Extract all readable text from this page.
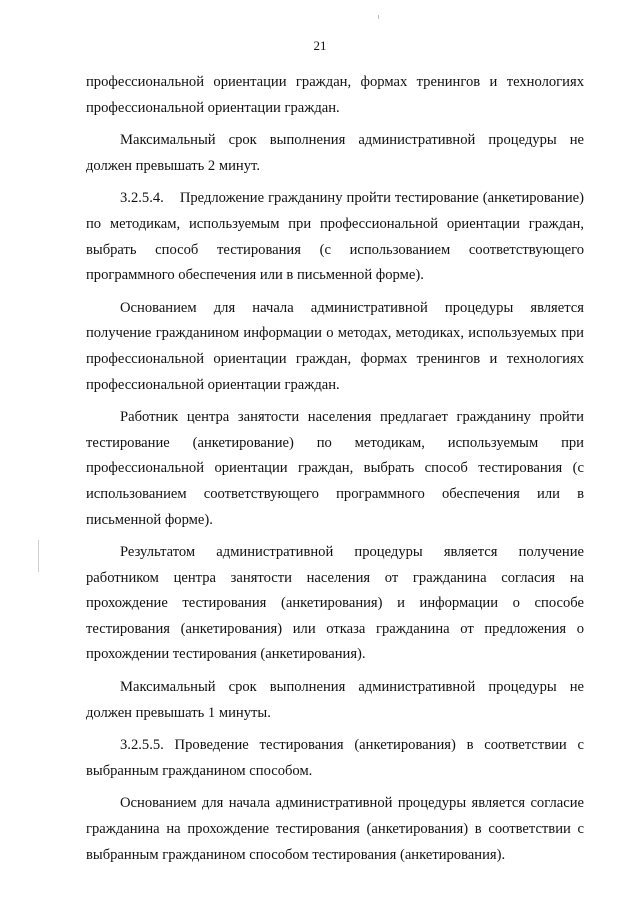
21

профессиональной ориентации граждан, формах тренингов и технологиях профессиональной ориентации граждан.

Максимальный срок выполнения административной процедуры не должен превышать 2 минут.

3.2.5.4.    Предложение гражданину пройти тестирование (анкетирование) по методикам, используемым при профессиональной ориентации граждан, выбрать способ тестирования (с использованием соответствующего программного обеспечения или в письменной форме).

Основанием для начала административной процедуры является получение гражданином информации о методах, методиках, используемых при профессиональной ориентации граждан, формах тренингов и технологиях профессиональной ориентации граждан.

Работник центра занятости населения предлагает гражданину пройти тестирование (анкетирование) по методикам, используемым при профессиональной ориентации граждан, выбрать способ тестирования (с использованием соответствующего программного обеспечения или в письменной форме).

Результатом административной процедуры является получение работником центра занятости населения от гражданина согласия на прохождение тестирования (анкетирования) и информации о способе тестирования (анкетирования) или отказа гражданина от предложения о прохождении тестирования (анкетирования).

Максимальный срок выполнения административной процедуры не должен превышать 1 минуты.

3.2.5.5. Проведение тестирования (анкетирования) в соответствии с выбранным гражданином способом.

Основанием для начала административной процедуры является согласие гражданина на прохождение тестирования (анкетирования) в соответствии с выбранным гражданином способом тестирования (анкетирования).
